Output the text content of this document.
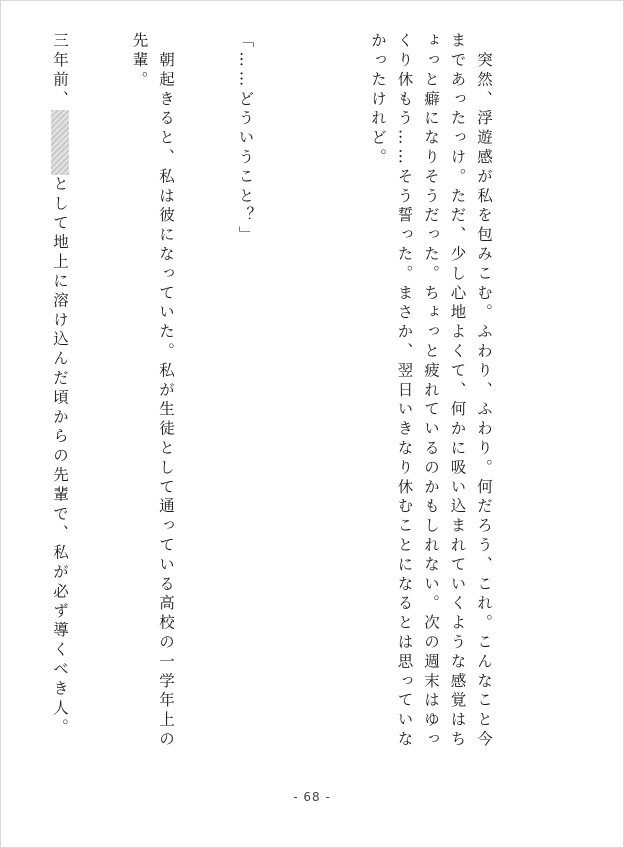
　突然、浮遊感が私を包みこむ。ふわり、ふわり。何だろう、これ。こんなこと今まであったっけ。ただ、少し心地よくて、何かに吸い込まれていくような感覚はちょっと癖になりそうだった。ちょっと疲れているのかもしれない。次の週末はゆっくり休もう……そう誓った。まさか、翌日いきなり休むことになるとは思っていなかったけれど。

「……どういうこと？」

　朝起きると、私は彼になっていた。私が生徒として通っている高校の一学年上の先輩。

三年前、として地上に溶け込んだ頃からの先輩で、私が必ず導くべき人。

- 68 -
